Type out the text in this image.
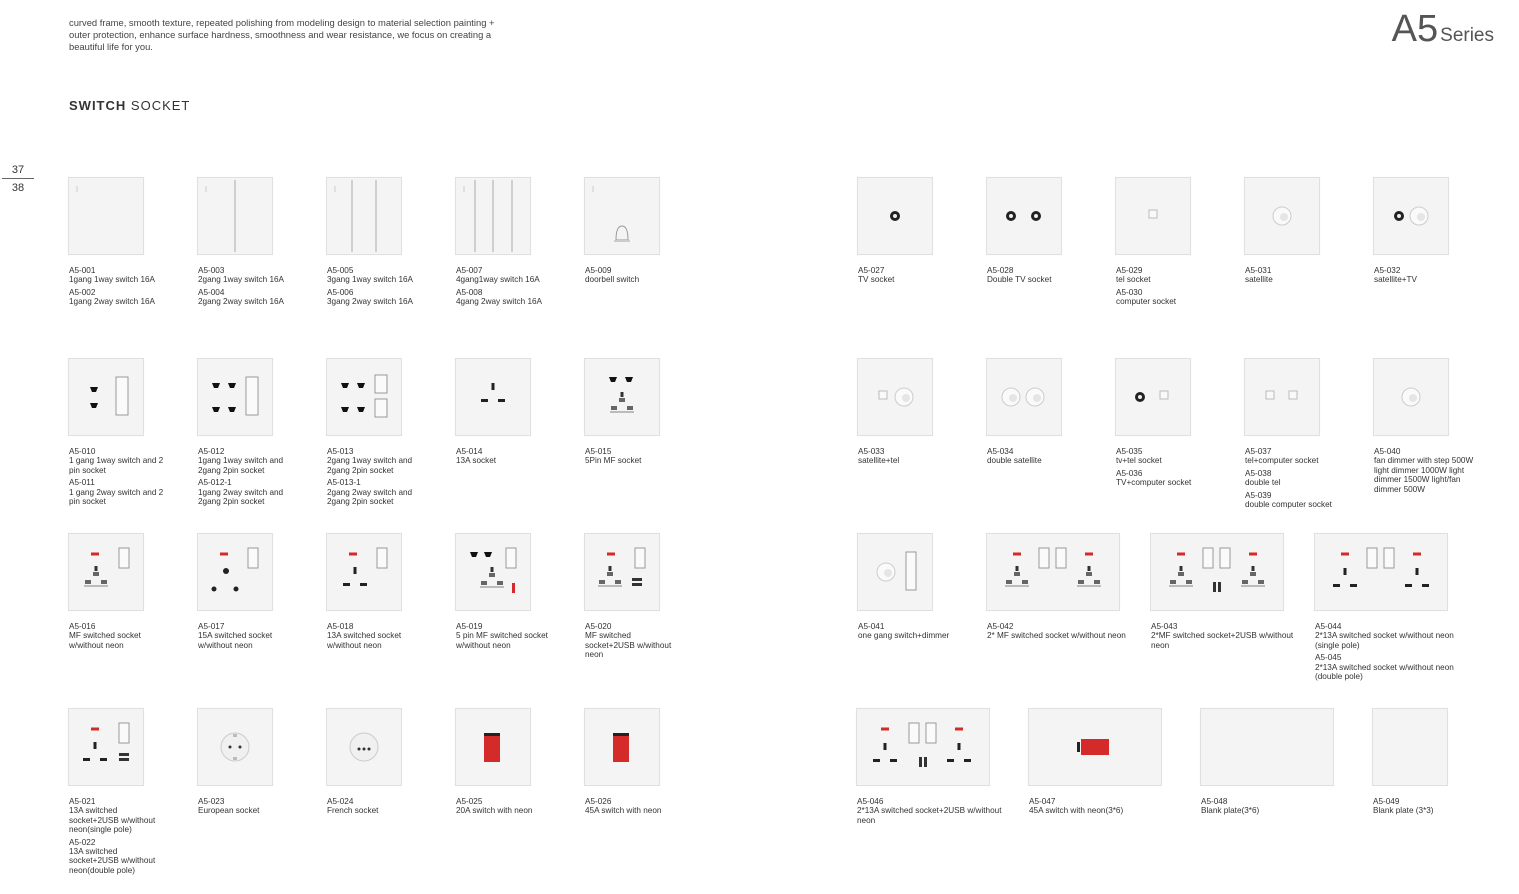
curved frame, smooth texture, repeated polishing from modeling design to material selection painting + outer protection, enhance surface hardness, smoothness and wear resistance, we focus on creating a beautiful life for you.	A5 Series
SWITCH SOCKET
37
38
A5-001
1gang 1way switch 16A
A5-002
1gang 2way switch 16A
A5-003
2gang 1way switch 16A
A5-004
2gang 2way switch 16A
A5-005
3gang 1way switch 16A
A5-006
3gang 2way switch 16A
A5-007
4gang1way switch 16A
A5-008
4gang 2way switch 16A
A5-009
doorbell switch
A5-027
TV socket
A5-028
Double TV socket
A5-029
tel socket
A5-030
computer socket
A5-031
satellite
A5-032
satellite+TV
A5-010
1 gang 1way switch and 2 pin socket
A5-011
1 gang 2way switch and 2 pin socket
A5-012
1gang 1way switch and 2gang 2pin socket
A5-012-1
1gang 2way switch and 2gang 2pin socket
A5-013
2gang 1way switch and 2gang 2pin socket
A5-013-1
2gang 2way switch and 2gang 2pin socket
A5-014
13A socket
A5-015
5Pin MF socket
A5-033
satellite+tel
A5-034
double satellite
A5-035
tv+tel socket
A5-036
TV+computer socket
A5-037
tel+computer socket
A5-038
double tel
A5-039
double computer socket
A5-040
fan dimmer with step 500W light dimmer 1000W light dimmer 1500W light/fan dimmer 500W
A5-016
MF switched socket w/without neon
A5-017
15A switched socket w/without neon
A5-018
13A switched socket w/without neon
A5-019
5 pin MF switched socket w/without neon
A5-020
MF switched socket+2USB w/without neon
A5-041
one gang switch+dimmer
A5-042
2* MF switched socket w/without neon
A5-043
2*MF switched socket+2USB w/without neon
A5-044
2*13A switched socket w/without neon (single pole)
A5-045
2*13A switched socket w/without neon (double pole)
A5-021
13A switched socket+2USB w/without neon(single pole)
A5-022
13A switched socket+2USB w/without neon(double pole)
A5-023
European socket
A5-024
French socket
A5-025
20A switch with neon
A5-026
45A switch with neon
A5-046
2*13A switched socket+2USB w/without neon
A5-047
45A switch with neon(3*6)
A5-048
Blank plate(3*6)
A5-049
Blank plate (3*3)
